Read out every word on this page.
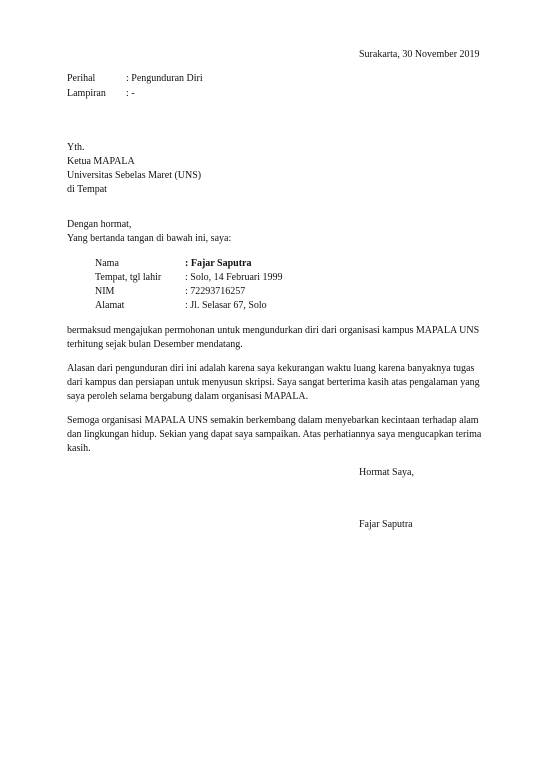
Surakarta, 30 November 2019
Perihal	: Pengunduran Diri
Lampiran : -
Yth.
Ketua MAPALA
Universitas Sebelas Maret (UNS)
di Tempat
Dengan hormat,
Yang bertanda tangan di bawah ini, saya:
Nama	: Fajar Saputra
Tempat, tgl lahir : Solo, 14 Februari 1999
NIM	: 72293716257
Alamat	: Jl. Selasar 67, Solo
bermaksud mengajukan permohonan untuk mengundurkan diri dari organisasi kampus MAPALA UNS
terhitung sejak bulan Desember mendatang.
Alasan dari pengunduran diri ini adalah karena saya kekurangan waktu luang karena banyaknya tugas
dari kampus dan persiapan untuk menyusun skripsi. Saya sangat berterima kasih atas pengalaman yang
saya peroleh selama bergabung dalam organisasi MAPALA.
Semoga organisasi MAPALA UNS semakin berkembang dalam menyebarkan kecintaan terhadap alam
dan lingkungan hidup. Sekian yang dapat saya sampaikan. Atas perhatiannya saya mengucapkan terima
kasih.
Hormat Saya,
Fajar Saputra
